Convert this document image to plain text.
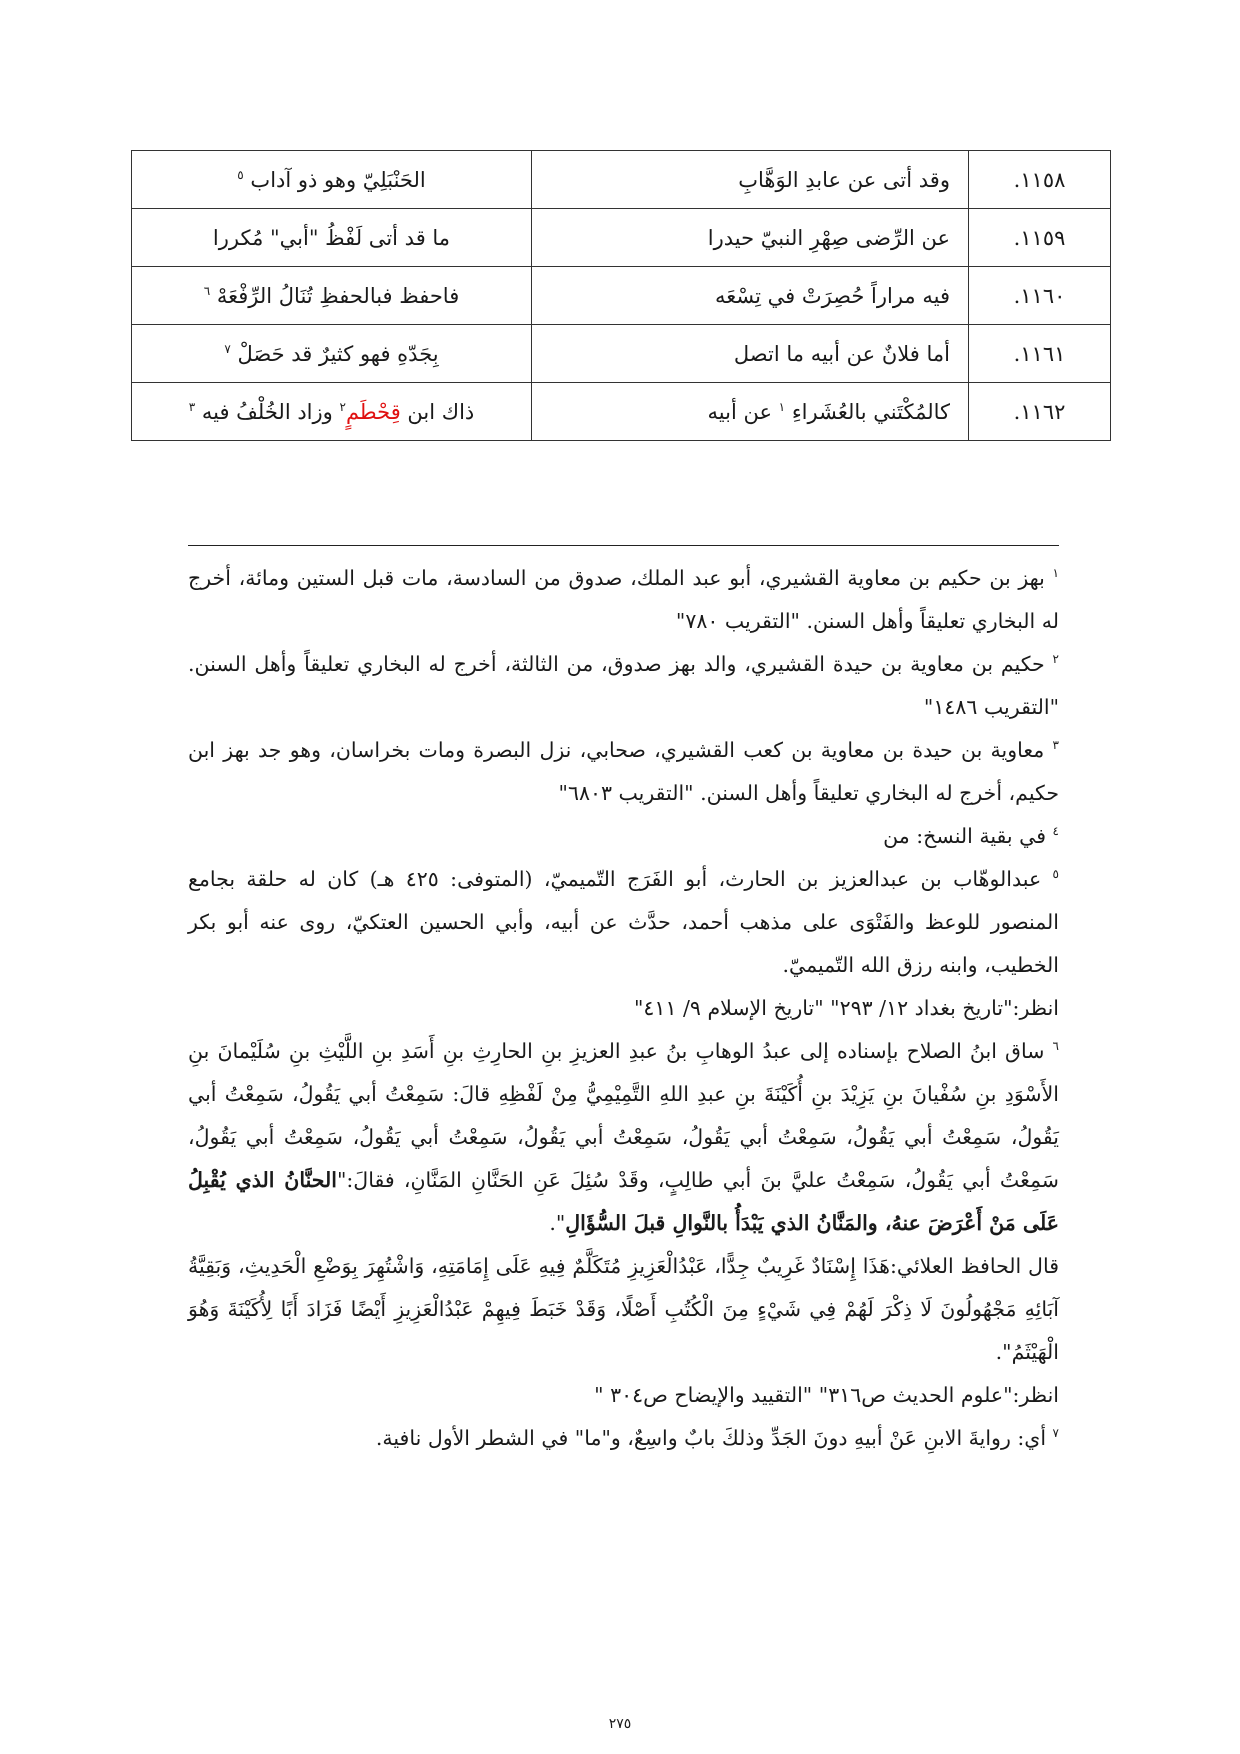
١١٥٨.	وقد أتى عن عابدِ الوَهَّابِ	الحَنْبَلِيّ وهو ذو آداب $^٥$
١١٥٩.	عن الرِّضى صِهْرِ النبيّ حيدرا	ما قد أتى لَفْظُ "أبي" مُكررا
١١٦٠.	فيه مراراً حُصِرَتْ في تِسْعَه	فاحفظ فبالحفظِ تُنَالُ الرِّفْعَهْ $^٦$
١١٦١.	أما فلانٌ عن أبيه ما اتصل	بِجَدّهِ فهو كثيرٌ قد حَصَلْ $^٧$
١١٦٢.	كالمُكْتَني بالعُشَراءِ $^١$ عن أبيه	ذاك ابن قِحْطَمٍ$^٢$ وزاد الخُلْفُ فيه $^٣$

$^١$ بهز بن حكيم بن معاوية القشيري، أبو عبد الملك، صدوق من السادسة، مات قبل الستين ومائة، أخرج له البخاري تعليقاً وأهل السنن. "التقريب ٧٨٠"

$^٢$ حكيم بن معاوية بن حيدة القشيري، والد بهز صدوق، من الثالثة، أخرج له البخاري تعليقاً وأهل السنن. "التقريب ١٤٨٦"

$^٣$ معاوية بن حيدة بن معاوية بن كعب القشيري، صحابي، نزل البصرة ومات بخراسان، وهو جد بهز ابن حكيم، أخرج له البخاري تعليقاً وأهل السنن. "التقريب ٦٨٠٣"

$^٤$ في بقية النسخ: من

$^٥$ عبدالوهّاب بن عبدالعزيز بن الحارث، أبو الفَرَج التّميميّ، (المتوفى: ٤٢٥ هـ) كان له حلقة بجامع المنصور للوعظ والفَتْوَى على مذهب أحمد، حدَّث عن أبيه، وأبي الحسين العتكيّ، روى عنه أبو بكر الخطيب، وابنه رزق الله التّميميّ.

انظر:"تاريخ بغداد ١٢/ ٢٩٣" "تاريخ الإسلام ٩/ ٤١١"

$^٦$ ساق ابنُ الصلاح بإسناده إلى عبدُ الوهابِ بنُ عبدِ العزيزِ بنِ الحارِثِ بنِ أَسَدِ بنِ اللَّيْثِ بنِ سُلَيْمانَ بنِ الأَسْوَدِ بنِ سُفْيانَ بنِ يَزِيْدَ بنِ أُكَيْنَةَ بنِ عبدِ اللهِ التَّمِيْمِيُّ مِنْ لَفْظِهِ قالَ: سَمِعْتُ أبي يَقُولُ، سَمِعْتُ أبي يَقُولُ، سَمِعْتُ أبي يَقُولُ، سَمِعْتُ أبي يَقُولُ، سَمِعْتُ أبي يَقُولُ، سَمِعْتُ أبي يَقُولُ، سَمِعْتُ أبي يَقُولُ، سَمِعْتُ أبي يَقُولُ، سَمِعْتُ عليَّ بنَ أبي طالِبٍ، وقَدْ سُئِلَ عَنِ الحَنَّانِ المَنَّانِ، فقالَ:"الحنَّانُ الذي يُقْبِلُ عَلَى مَنْ أَعْرَضَ عنهُ، والمَنَّانُ الذي يَبْدَأُ بالنَّوالِ قبلَ السُّؤَالِ".

قال الحافظ العلائي:هَذَا إِسْنَادٌ غَرِيبٌ جِدًّا، عَبْدُالْعَزِيزِ مُتَكَلَّمٌ فِيهِ عَلَى إِمَامَتِهِ، وَاشْتُهِرَ بِوَضْعِ الْحَدِيثِ، وَبَقِيَّةُ آبَائِهِ مَجْهُولُونَ لَا ذِكْرَ لَهُمْ فِي شَيْءٍ مِنَ الْكُتُبِ أَصْلًا، وَقَدْ خَبَطَ فِيهِمْ عَبْدُالْعَزِيزِ أَيْضًا فَزَادَ أَبًا لِأُكَيْنَةَ وَهُوَ الْهَيْثَمُ".

انظر:"علوم الحديث ص٣١٦" "التقييد والإيضاح ص٣٠٤ "

$^٧$ أي: روايةَ الابنِ عَنْ أبيهِ دونَ الجَدِّ وذلكَ بابٌ واسِعٌ، و"ما" في الشطر الأول نافية.

٢٧٥
